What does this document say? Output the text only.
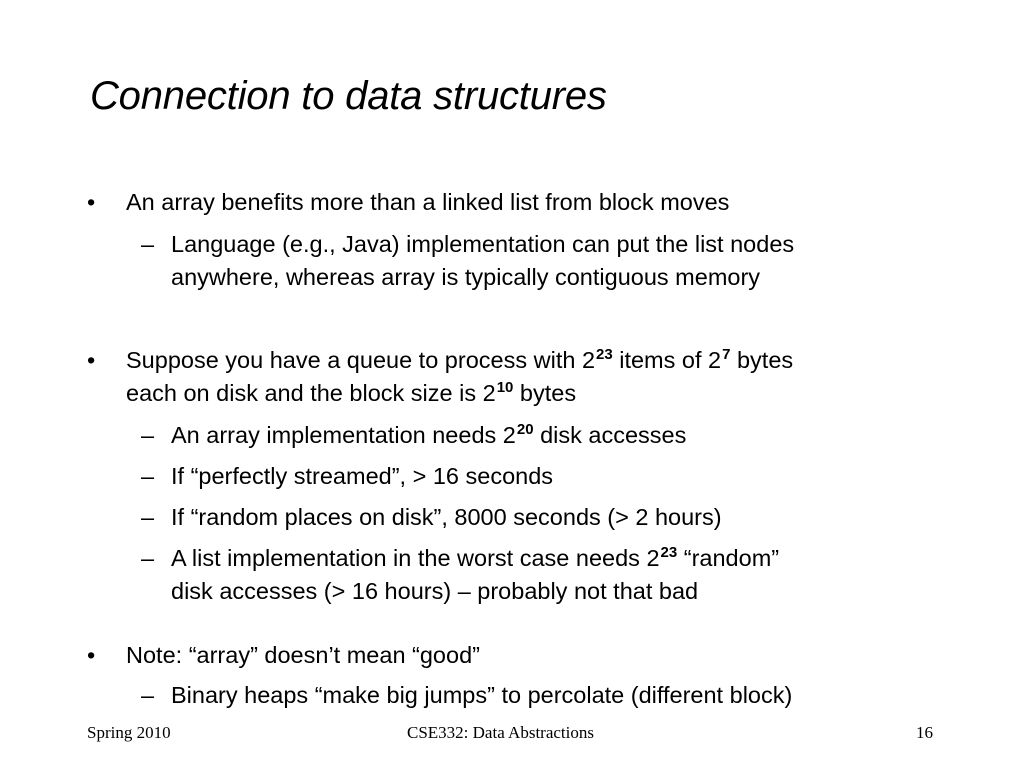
Connection to data structures
• An array benefits more than a linked list from block moves
– Language (e.g., Java) implementation can put the list nodes
anywhere, whereas array is typically contiguous memory
• Suppose you have a queue to process with $2^{23}$ items of $2^7$ bytes
each on disk and the block size is $2^{10}$ bytes
– An array implementation needs $2^{20}$ disk accesses
– If “perfectly streamed”, > 16 seconds
– If “random places on disk”, 8000 seconds (> 2 hours)
– A list implementation in the worst case needs $2^{23}$ “random”
disk accesses (> 16 hours) – probably not that bad
• Note: “array” doesn’t mean “good”
– Binary heaps “make big jumps” to percolate (different block)
Spring 2010	CSE332: Data Abstractions	16
